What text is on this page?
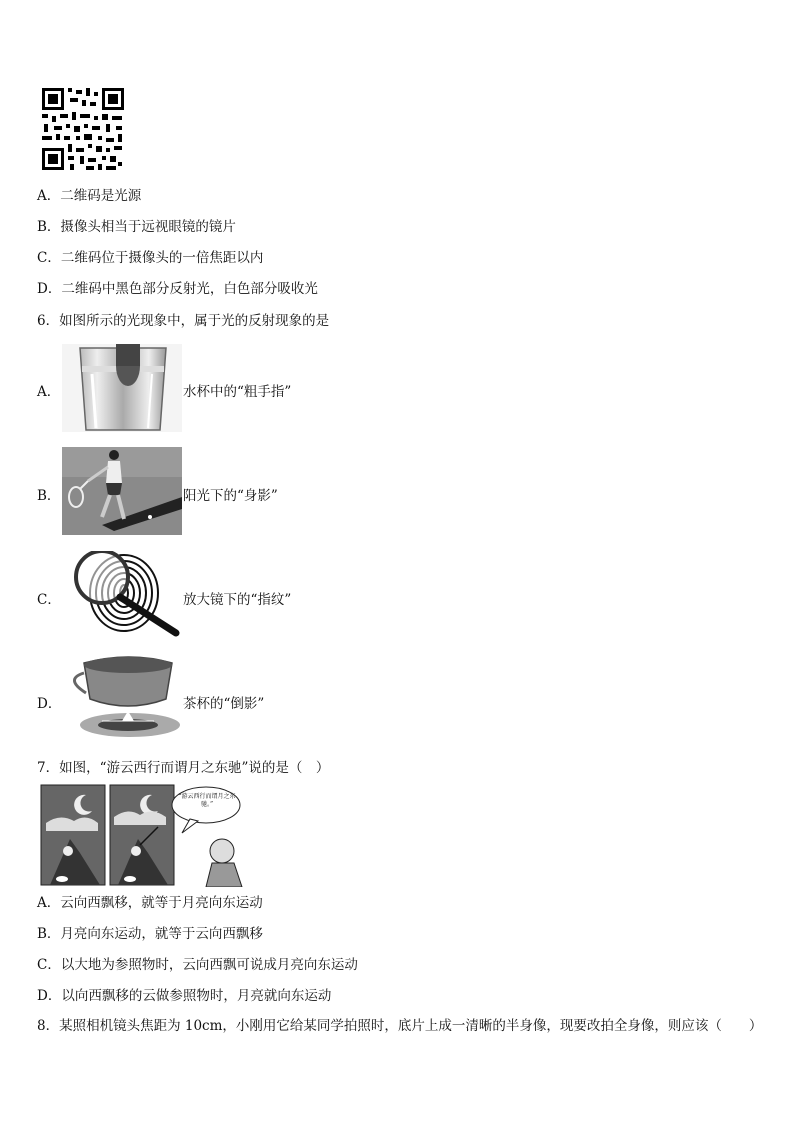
A．二维码是光源
B．摄像头相当于远视眼镜的镜片
C．二维码位于摄像头的一倍焦距以内
D．二维码中黑色部分反射光，白色部分吸收光
6．如图所示的光现象中，属于光的反射现象的是
A．	水杯中的“粗手指”
B．	阳光下的“身影”
C．	放大镜下的“指纹”
D．	茶杯的“倒影”
7．如图，“游云西行而谓月之东驰”说的是（　）
“游云西行而谓月之东驰。”
A．云向西飘移，就等于月亮向东运动
B．月亮向东运动，就等于云向西飘移
C．以大地为参照物时，云向西飘可说成月亮向东运动
D．以向西飘移的云做参照物时，月亮就向东运动
8．某照相机镜头焦距为 10cm，小刚用它给某同学拍照时，底片上成一清晰的半身像，现要改拍全身像，则应该（　　）
